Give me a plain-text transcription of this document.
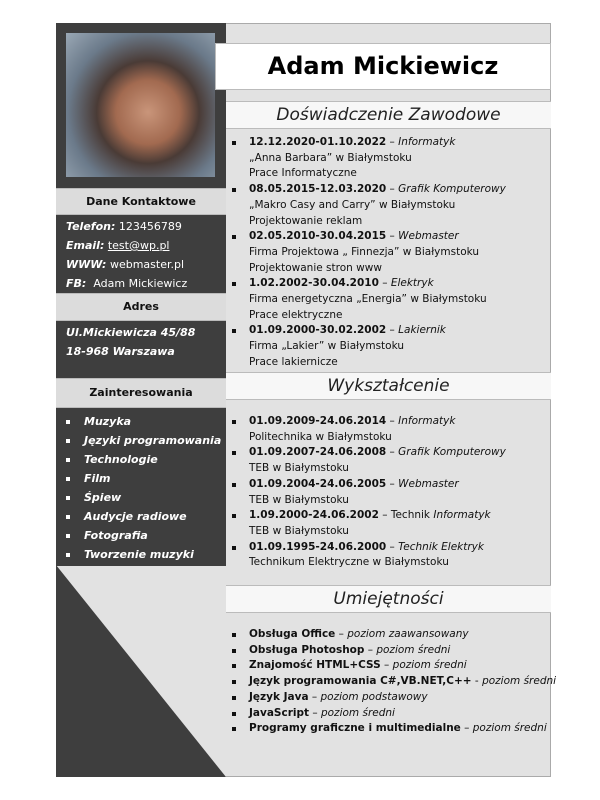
Dane Kontaktowe
Telefon: 123456789
Email: test@wp.pl
WWW: webmaster.pl
FB: Adam Mickiewicz
Adres
Ul.Mickiewicza 45/88
18-968 Warszawa
Zainteresowania
Muzyka
Języki programowania
Technologie
Film
Śpiew
Audycje radiowe
Fotografia
Tworzenie muzyki
Adam Mickiewicz
Doświadczenie Zawodowe
12.12.2020-01.10.2022 – Informatyk
„Anna Barbara” w Białymstoku
Prace Informatyczne
08.05.2015-12.03.2020 – Grafik Komputerowy
„Makro Casy and Carry” w Białymstoku
Projektowanie reklam
02.05.2010-30.04.2015 – Webmaster
Firma Projektowa „ Finnezja” w Białymstoku
Projektowanie stron www
1.02.2002-30.04.2010 – Elektryk
Firma energetyczna „Energia” w Białymstoku
Prace elektryczne
01.09.2000-30.02.2002 – Lakiernik
Firma „Lakier” w Białymstoku
Prace lakiernicze
Wykształcenie
01.09.2009-24.06.2014 – Informatyk
Politechnika w Białymstoku
01.09.2007-24.06.2008 – Grafik Komputerowy
TEB w Białymstoku
01.09.2004-24.06.2005 – Webmaster
TEB w Białymstoku
1.09.2000-24.06.2002 – Technik Informatyk
TEB w Białymstoku
01.09.1995-24.06.2000 – Technik Elektryk
Technikum Elektryczne w Białymstoku
Umiejętności
Obsługa Office – poziom zaawansowany
Obsługa Photoshop – poziom średni
Znajomość HTML+CSS – poziom średni
Język programowania C#,VB.NET,C++ - poziom średni
Język Java – poziom podstawowy
JavaScript – poziom średni
Programy graficzne i multimedialne – poziom średni
